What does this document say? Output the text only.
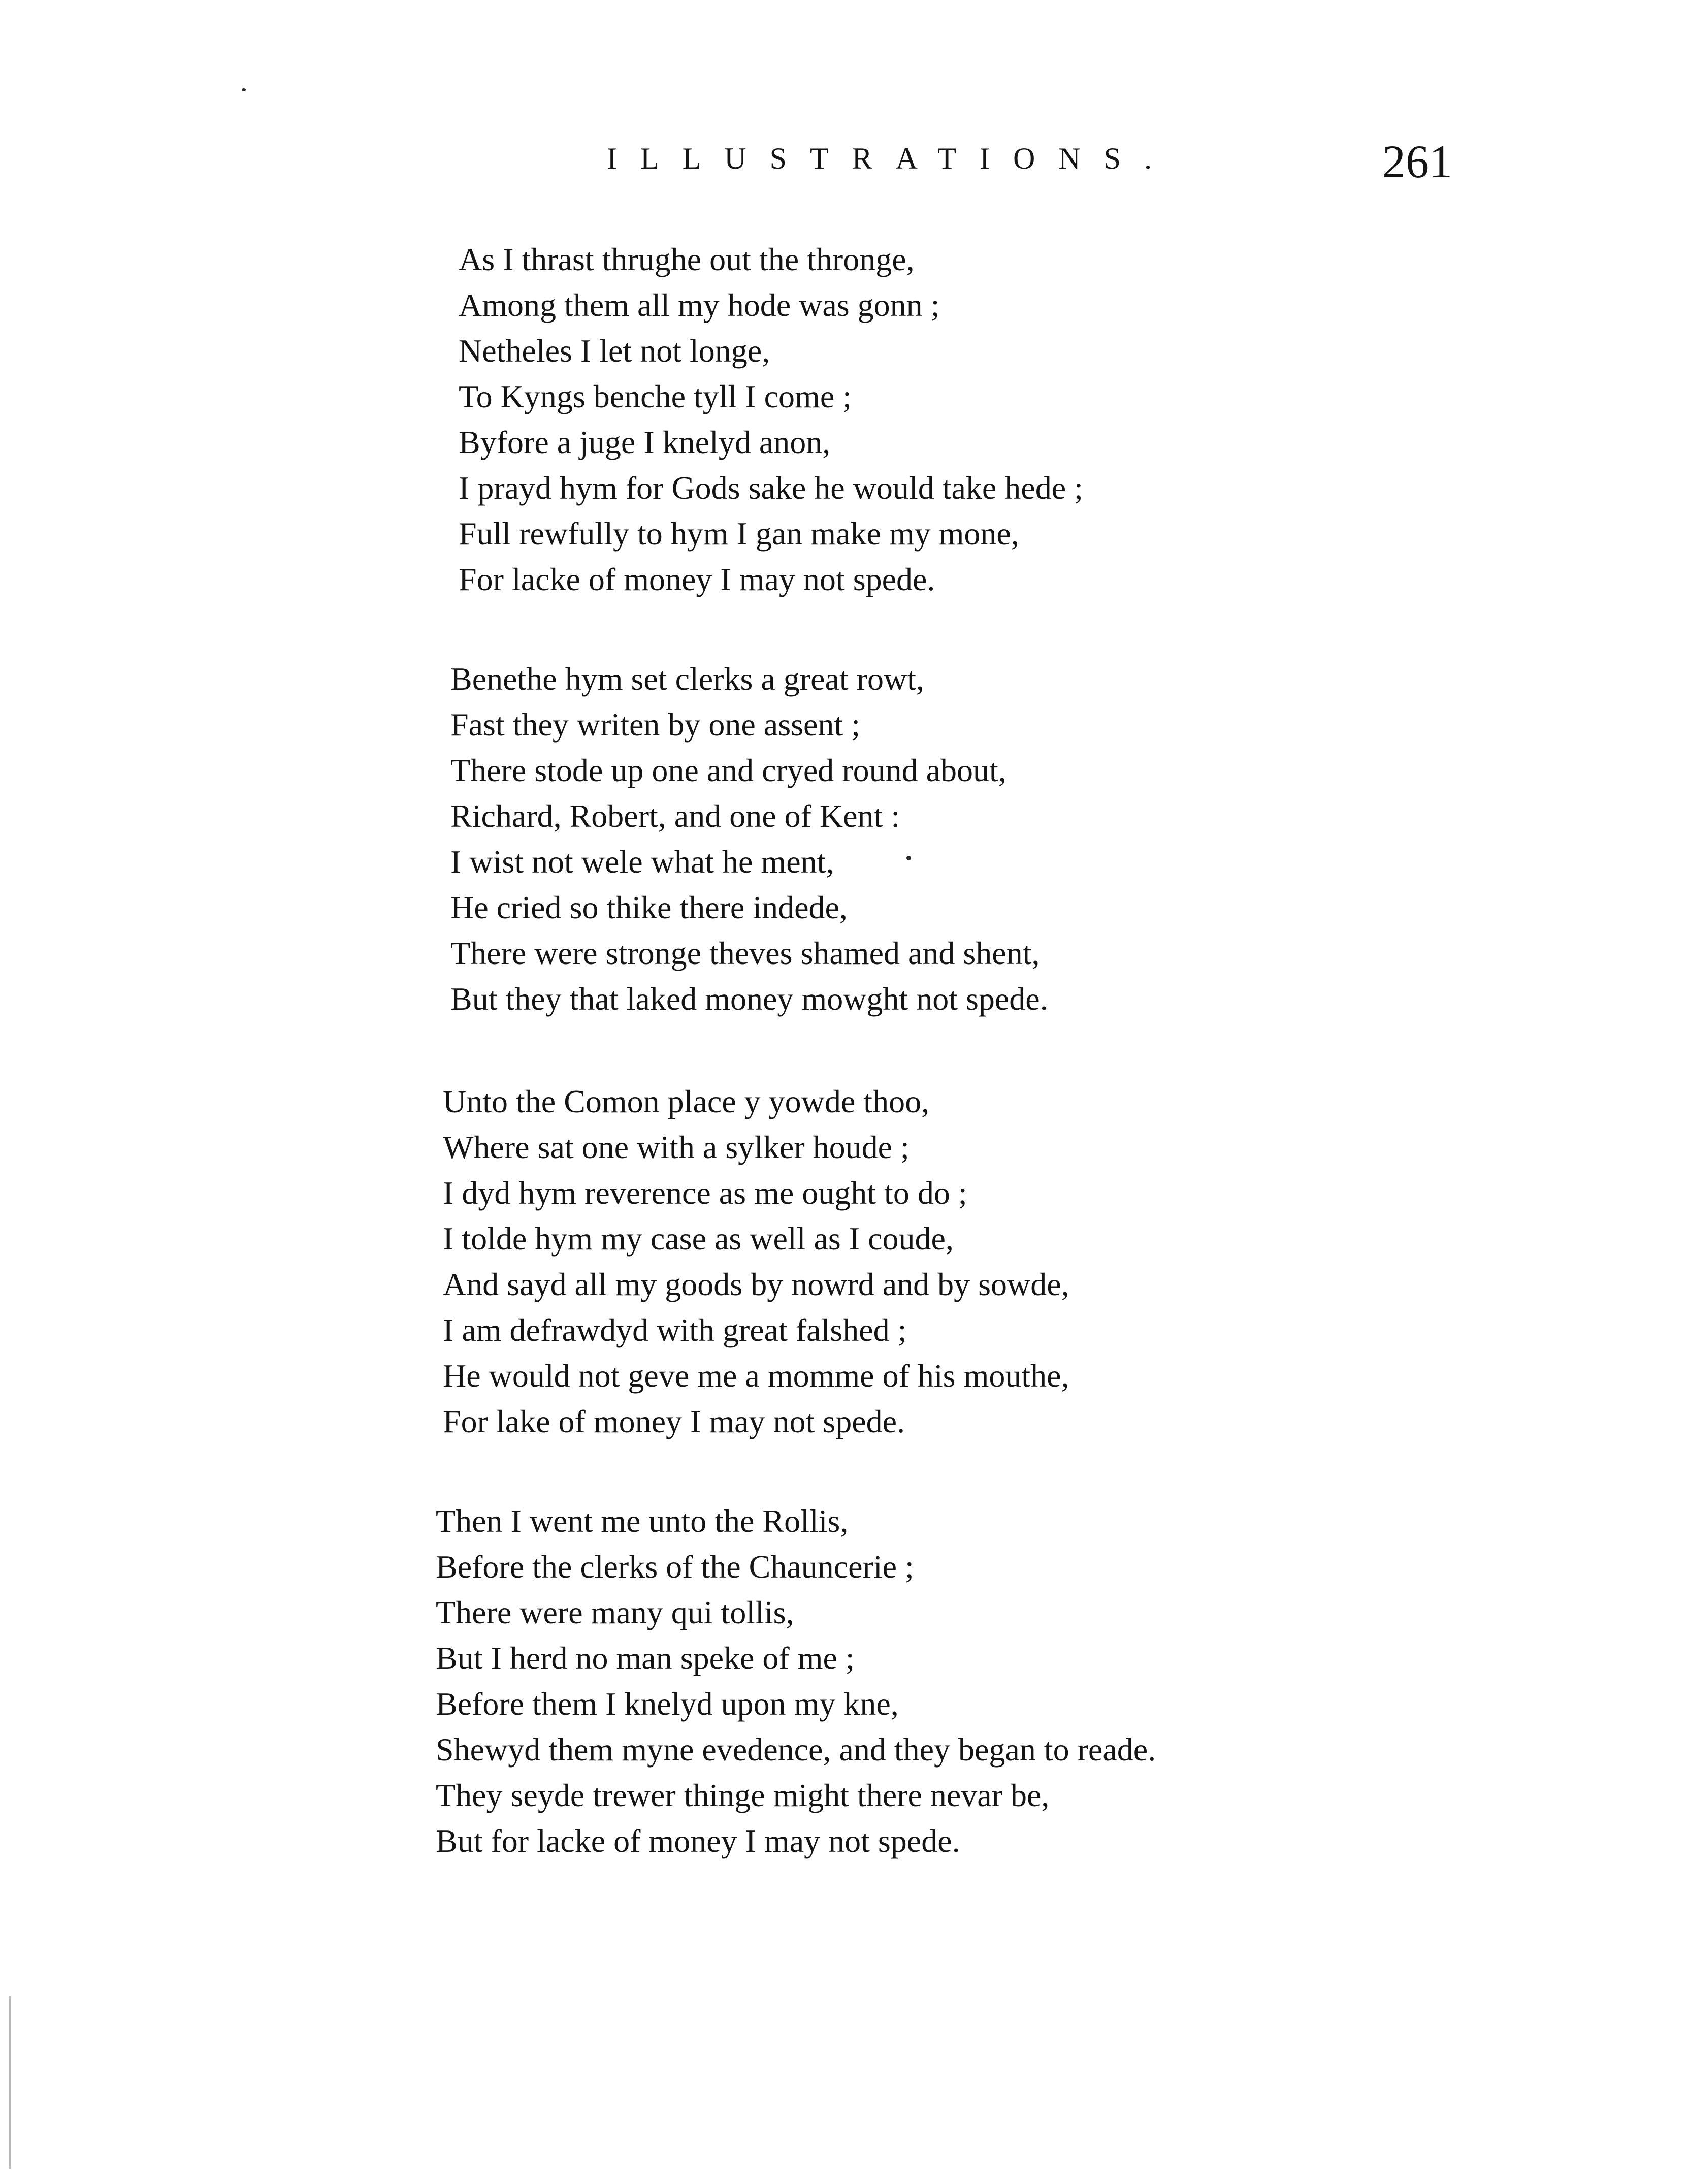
ILLUSTRATIONS.	261
As I thrast thrughe out the thronge,
Among them all my hode was gonn ;
Netheles I let not longe,
To Kyngs benche tyll I come ;
Byfore a juge I knelyd anon,
I prayd hym for Gods sake he would take hede ;
Full rewfully to hym I gan make my mone,
For lacke of money I may not spede.
Benethe hym set clerks a great rowt,
Fast they writen by one assent ;
There stode up one and cryed round about,
Richard, Robert, and one of Kent :
I wist not wele what he ment,
He cried so thike there indede,
There were stronge theves shamed and shent,
But they that laked money mowght not spede.
Unto the Comon place y yowde thoo,
Where sat one with a sylker houde ;
I dyd hym reverence as me ought to do ;
I tolde hym my case as well as I coude,
And sayd all my goods by nowrd and by sowde,
I am defrawdyd with great falshed ;
He would not geve me a momme of his mouthe,
For lake of money I may not spede.
Then I went me unto the Rollis,
Before the clerks of the Chauncerie ;
There were many qui tollis,
But I herd no man speke of me ;
Before them I knelyd upon my kne,
Shewyd them myne evedence, and they began to reade.
They seyde trewer thinge might there nevar be,
But for lacke of money I may not spede.
